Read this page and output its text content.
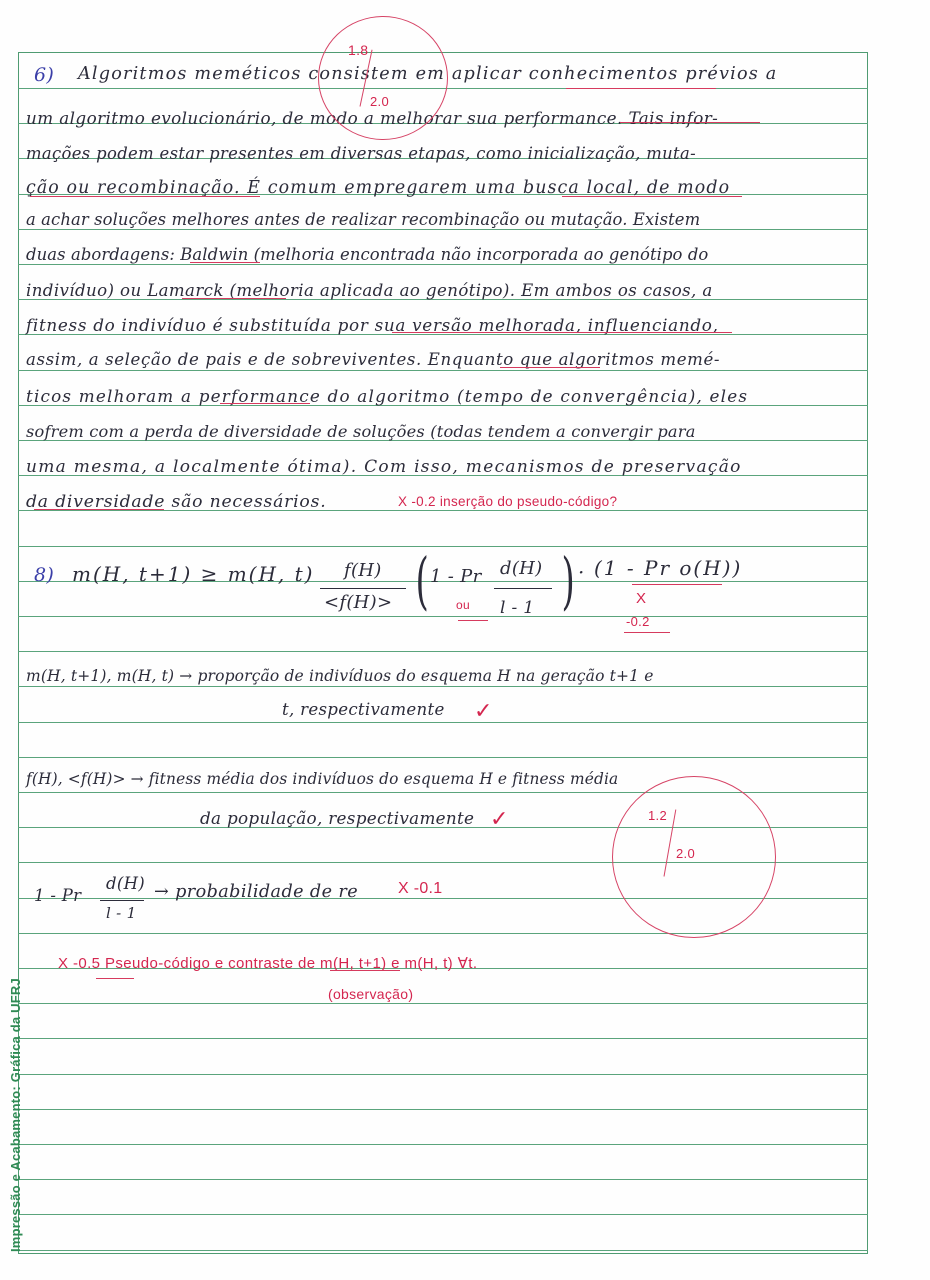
Impressão e Acabamento: Gráfica da UFRJ
6) Algoritmos meméticos consistem em aplicar conhecimentos prévios a
um algoritmo evolucionário, de modo a melhorar sua performance. Tais infor-
mações podem estar presentes em diversas etapas, como inicialização, muta-
ção ou recombinação. É comum empregarem uma busca local, de modo
a achar soluções melhores antes de realizar recombinação ou mutação. Existem
duas abordagens: Baldwin (melhoria encontrada não incorporada ao genótipo do
indivíduo) ou Lamarck (melhoria aplicada ao genótipo). Em ambos os casos, a
fitness do indivíduo é substituída por sua versão melhorada, influenciando,
assim, a seleção de pais e de sobreviventes. Enquanto que algoritmos memé-
ticos melhoram a performance do algoritmo (tempo de convergência), eles
sofrem com a perda de diversidade de soluções (todas tendem a convergir para
uma mesma, a localmente ótima). Com isso, mecanismos de preservação
da diversidade são necessários.
1.8
2.0
X -0.2 inserção do pseudo-código?
8) m(H, t+1) ≥ m(H, t) f(H)
<f(H)> ( 1 - Pr
ou
d(H)
l - 1 ) · (1 - Pr o(H))
X
-0.2
m(H, t+1), m(H, t) → proporção de indivíduos do esquema H na geração t+1 e
t, respectivamente ✓
f(H), <f(H)> → fitness média dos indivíduos do esquema H e fitness média
da população, respectivamente ✓
1 - Pr
d(H)
l - 1
→ probabilidade de re X -0.1
1.2
2.0
X -0.5 Pseudo-código e contraste de m(H, t+1) e m(H, t) ∀t.
(observação)
